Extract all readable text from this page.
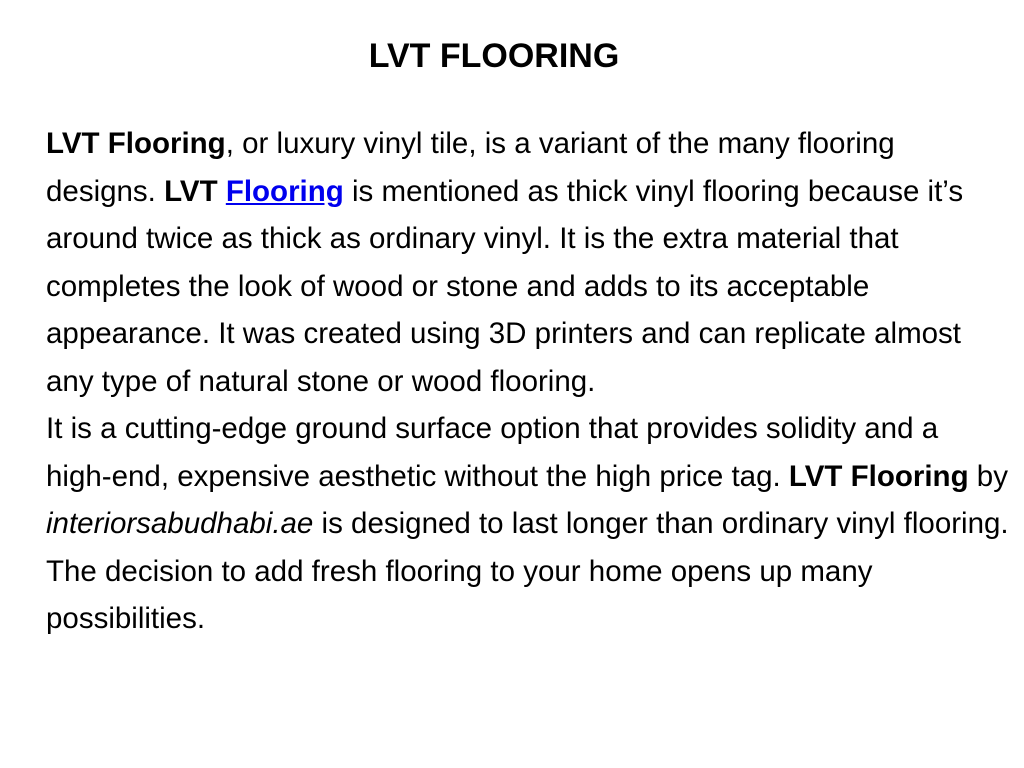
LVT FLOORING

LVT Flooring, or luxury vinyl tile, is a variant of the many flooring designs. LVT Flooring is mentioned as thick vinyl flooring because it’s around twice as thick as ordinary vinyl. It is the extra material that completes the look of wood or stone and adds to its acceptable appearance. It was created using 3D printers and can replicate almost any type of natural stone or wood flooring.

It is a cutting-edge ground surface option that provides solidity and a high-end, expensive aesthetic without the high price tag. LVT Flooring by interiorsabudhabi.ae is designed to last longer than ordinary vinyl flooring. The decision to add fresh flooring to your home opens up many possibilities.
